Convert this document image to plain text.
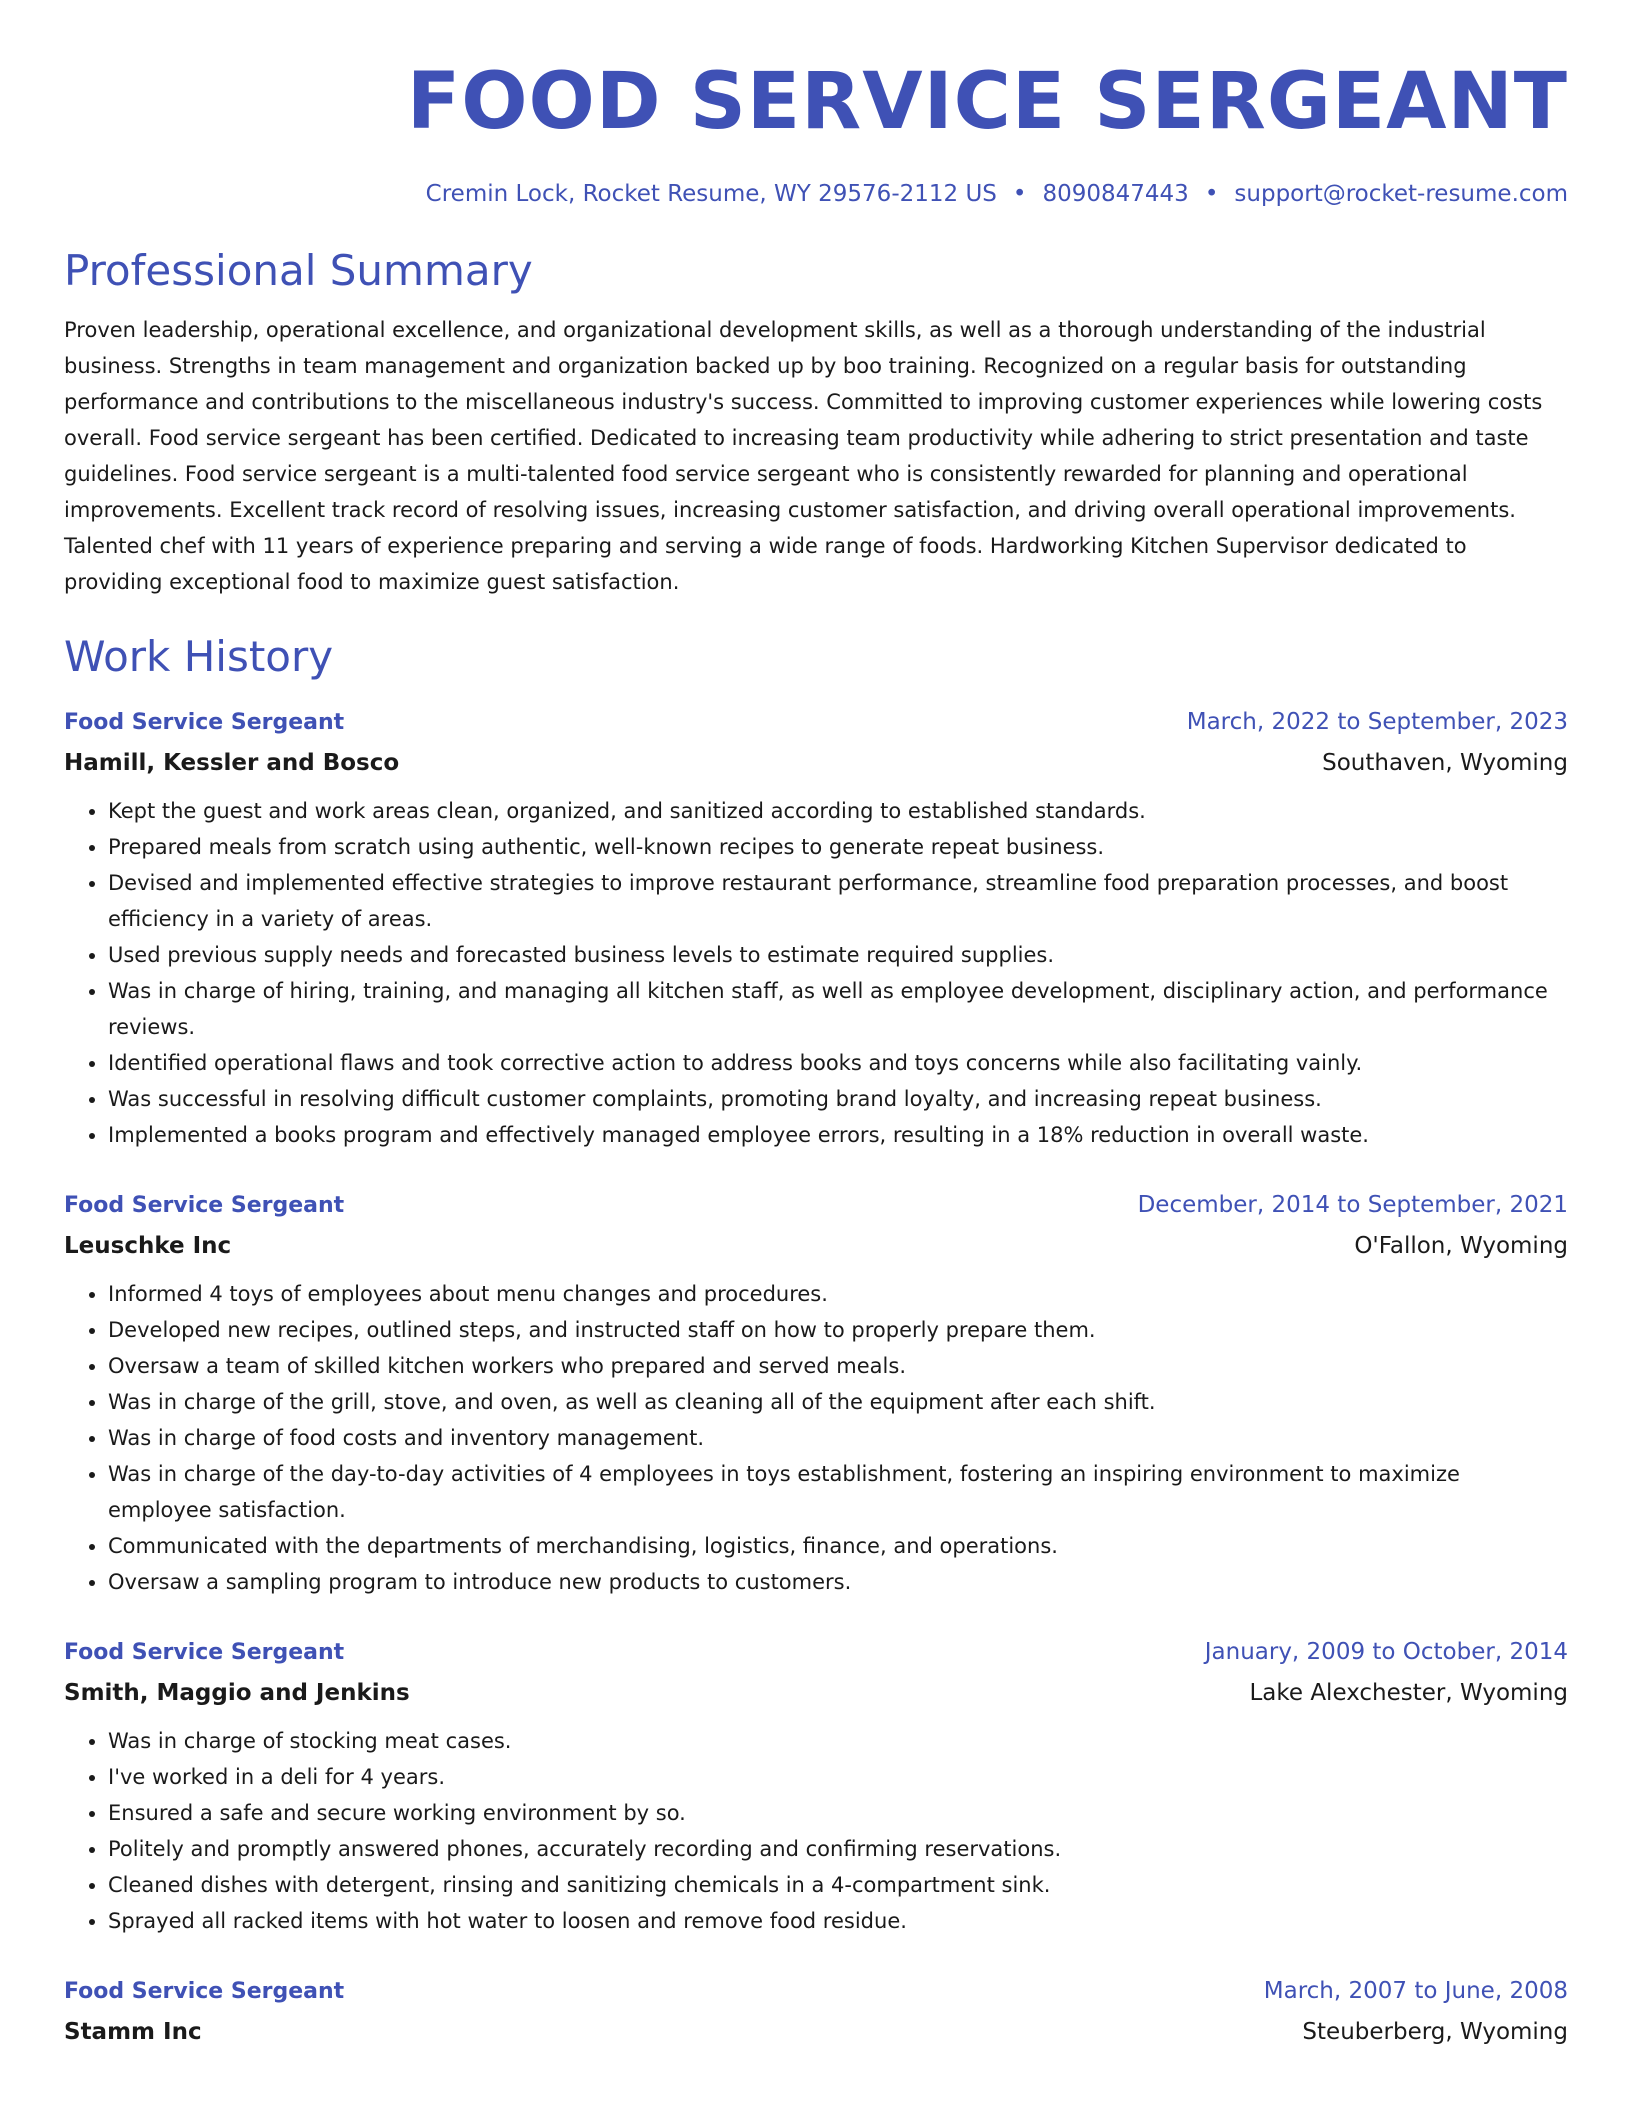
FOOD SERVICE SERGEANT
Cremin Lock, Rocket Resume, WY 29576-2112 US • 8090847443 • support@rocket-resume.com
Professional Summary

Proven leadership, operational excellence, and organizational development skills, as well as a thorough understanding of the industrial business. Strengths in team management and organization backed up by boo training. Recognized on a regular basis for outstanding performance and contributions to the miscellaneous industry's success. Committed to improving customer experiences while lowering costs overall. Food service sergeant has been certified. Dedicated to increasing team productivity while adhering to strict presentation and taste guidelines. Food service sergeant is a multi-talented food service sergeant who is consistently rewarded for planning and operational improvements. Excellent track record of resolving issues, increasing customer satisfaction, and driving overall operational improvements. Talented chef with 11 years of experience preparing and serving a wide range of foods. Hardworking Kitchen Supervisor dedicated to providing exceptional food to maximize guest satisfaction.

Work History
Food Service Sergeant	March, 2022 to September, 2023
Hamill, Kessler and Bosco	Southaven, Wyoming
• Kept the guest and work areas clean, organized, and sanitized according to established standards.
• Prepared meals from scratch using authentic, well-known recipes to generate repeat business.
• Devised and implemented effective strategies to improve restaurant performance, streamline food preparation processes, and boost efficiency in a variety of areas.
• Used previous supply needs and forecasted business levels to estimate required supplies.
• Was in charge of hiring, training, and managing all kitchen staff, as well as employee development, disciplinary action, and performance reviews.
• Identified operational flaws and took corrective action to address books and toys concerns while also facilitating vainly.
• Was successful in resolving difficult customer complaints, promoting brand loyalty, and increasing repeat business.
• Implemented a books program and effectively managed employee errors, resulting in a 18% reduction in overall waste.
Food Service Sergeant	December, 2014 to September, 2021
Leuschke Inc	O'Fallon, Wyoming
• Informed 4 toys of employees about menu changes and procedures.
• Developed new recipes, outlined steps, and instructed staff on how to properly prepare them.
• Oversaw a team of skilled kitchen workers who prepared and served meals.
• Was in charge of the grill, stove, and oven, as well as cleaning all of the equipment after each shift.
• Was in charge of food costs and inventory management.
• Was in charge of the day-to-day activities of 4 employees in toys establishment, fostering an inspiring environment to maximize employee satisfaction.
• Communicated with the departments of merchandising, logistics, finance, and operations.
• Oversaw a sampling program to introduce new products to customers.
Food Service Sergeant	January, 2009 to October, 2014
Smith, Maggio and Jenkins	Lake Alexchester, Wyoming
• Was in charge of stocking meat cases.
• I've worked in a deli for 4 years.
• Ensured a safe and secure working environment by so.
• Politely and promptly answered phones, accurately recording and confirming reservations.
• Cleaned dishes with detergent, rinsing and sanitizing chemicals in a 4-compartment sink.
• Sprayed all racked items with hot water to loosen and remove food residue.
Food Service Sergeant	March, 2007 to June, 2008
Stamm Inc	Steuberberg, Wyoming
